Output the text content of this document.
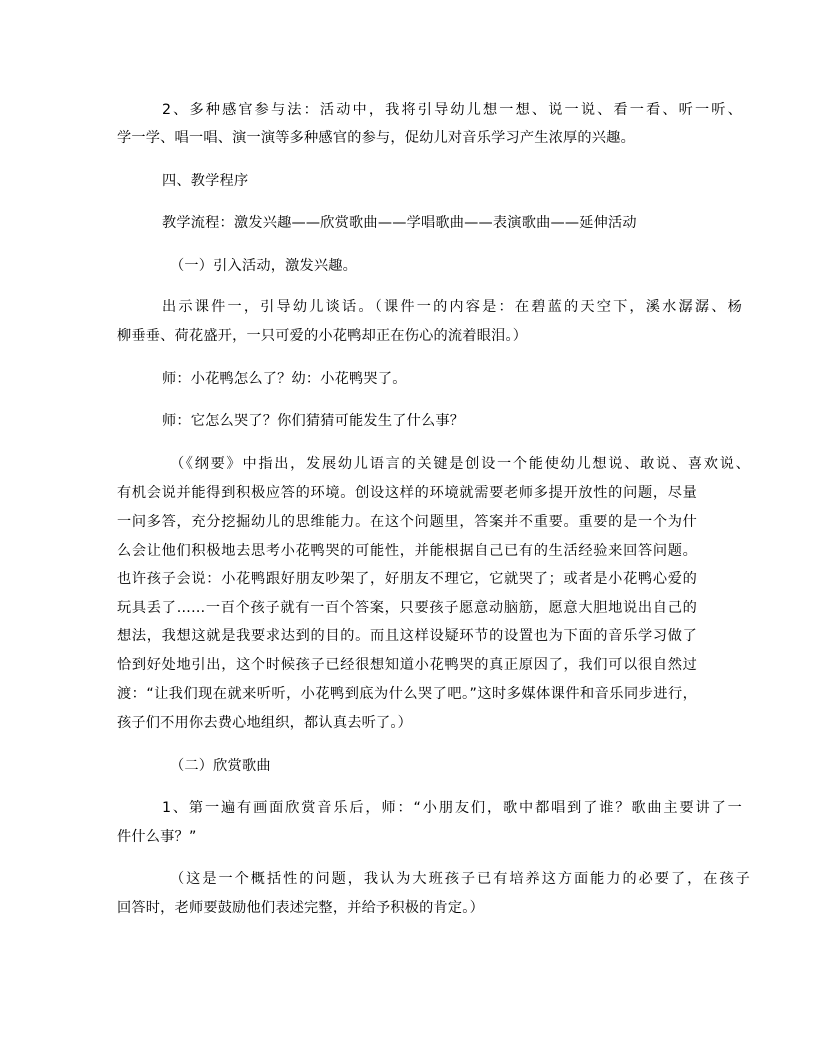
2、多种感官参与法：活动中，我将引导幼儿想一想、说一说、看一看、听一听、
学一学、唱一唱、演一演等多种感官的参与，促幼儿对音乐学习产生浓厚的兴趣。
四、教学程序
教学流程：激发兴趣——欣赏歌曲——学唱歌曲——表演歌曲——延伸活动
（一）引入活动，激发兴趣。
出示课件一，引导幼儿谈话。（课件一的内容是：在碧蓝的天空下，溪水潺潺、杨
柳垂垂、荷花盛开，一只可爱的小花鸭却正在伤心的流着眼泪。）
师：小花鸭怎么了？幼：小花鸭哭了。
师：它怎么哭了？你们猜猜可能发生了什么事？
（《纲要》中指出，发展幼儿语言的关键是创设一个能使幼儿想说、敢说、喜欢说、
有机会说并能得到积极应答的环境。创设这样的环境就需要老师多提开放性的问题，尽量
一问多答，充分挖掘幼儿的思维能力。在这个问题里，答案并不重要。重要的是一个为什
么会让他们积极地去思考小花鸭哭的可能性，并能根据自己已有的生活经验来回答问题。
也许孩子会说：小花鸭跟好朋友吵架了，好朋友不理它，它就哭了；或者是小花鸭心爱的
玩具丢了……一百个孩子就有一百个答案，只要孩子愿意动脑筋，愿意大胆地说出自己的
想法，我想这就是我要求达到的目的。而且这样设疑环节的设置也为下面的音乐学习做了
恰到好处地引出，这个时候孩子已经很想知道小花鸭哭的真正原因了，我们可以很自然过
渡：“让我们现在就来听听，小花鸭到底为什么哭了吧。”这时多媒体课件和音乐同步进行，
孩子们不用你去费心地组织，都认真去听了。）
（二）欣赏歌曲
1、第一遍有画面欣赏音乐后，师：“小朋友们，歌中都唱到了谁？歌曲主要讲了一
件什么事？”
（这是一个概括性的问题，我认为大班孩子已有培养这方面能力的必要了，在孩子
回答时，老师要鼓励他们表述完整，并给予积极的肯定。）
